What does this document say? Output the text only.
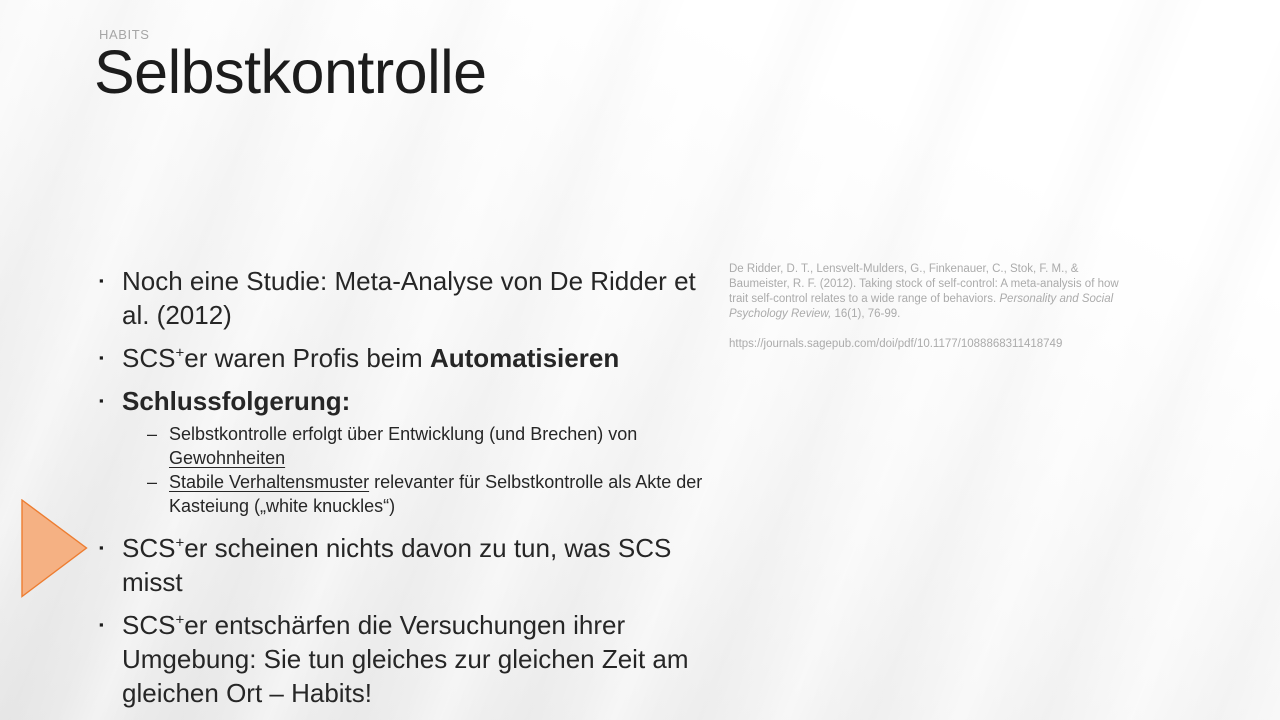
HABITS
Selbstkontrolle
▪ Noch eine Studie: Meta-Analyse von De Ridder et al. (2012)
▪ SCS+er waren Profis beim Automatisieren
▪ Schlussfolgerung:
– Selbstkontrolle erfolgt über Entwicklung (und Brechen) von Gewohnheiten
– Stabile Verhaltensmuster relevanter für Selbstkontrolle als Akte der Kasteiung („white knuckles“)
▪ SCS+er scheinen nichts davon zu tun, was SCS misst
▪ SCS+er entschärfen die Versuchungen ihrer Umgebung: Sie tun gleiches zur gleichen Zeit am gleichen Ort – Habits!

De Ridder, D. T., Lensvelt-Mulders, G., Finkenauer, C., Stok, F. M., & Baumeister, R. F. (2012). Taking stock of self-control: A meta-analysis of how trait self-control relates to a wide range of behaviors. Personality and Social Psychology Review, 16(1), 76-99.

https://journals.sagepub.com/doi/pdf/10.1177/1088868311418749
